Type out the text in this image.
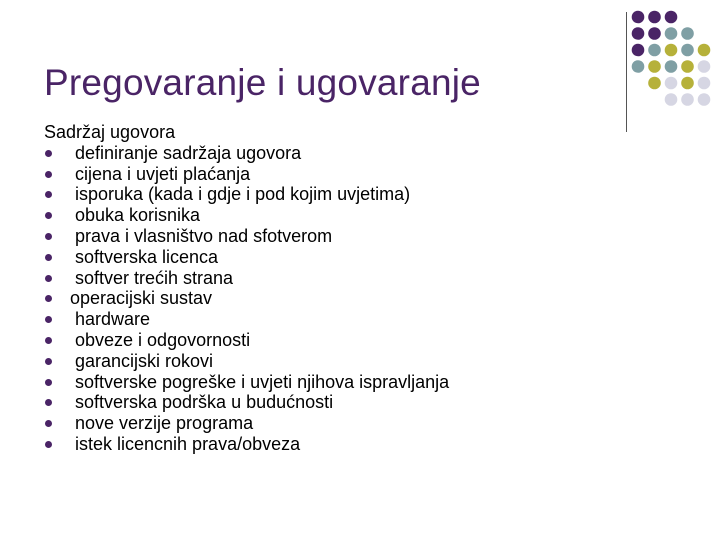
Pregovaranje i ugovaranje
Sadržaj ugovora
definiranje sadržaja ugovora
cijena i uvjeti plaćanja
isporuka (kada i gdje i pod kojim uvjetima)
obuka korisnika
prava i vlasništvo nad sfotverom
softverska licenca
softver trećih strana
operacijski sustav
hardware
obveze i odgovornosti
garancijski rokovi
softverske pogreške i uvjeti njihova ispravljanja
softverska podrška u budućnosti
nove verzije programa
istek licencnih prava/obveza
